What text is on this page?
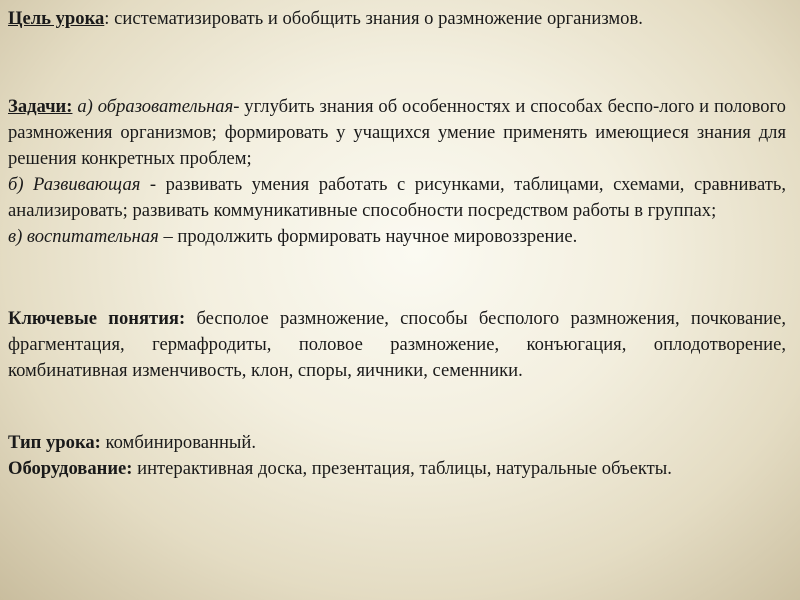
Цель урока: систематизировать и обобщить знания о размножение организмов.
Задачи: а) образовательная- углубить знания об особенностях и способах беспо-лого и полового размножения организмов; формировать у учащихся умение применять имеющиеся знания для решения конкретных проблем;
б) Развивающая - развивать умения работать с рисунками, таблицами, схемами, сравнивать, анализировать; развивать коммуникативные способности посредством работы в группах;
в) воспитательная – продолжить формировать научное мировоззрение.
Ключевые понятия: бесполое размножение, способы бесполого размножения, почкование, фрагментация, гермафродиты, половое размножение, конъюгация, оплодотворение, комбинативная изменчивость, клон, споры, яичники, семенники.
Тип урока: комбинированный.
Оборудование: интерактивная доска, презентация, таблицы, натуральные объекты.
